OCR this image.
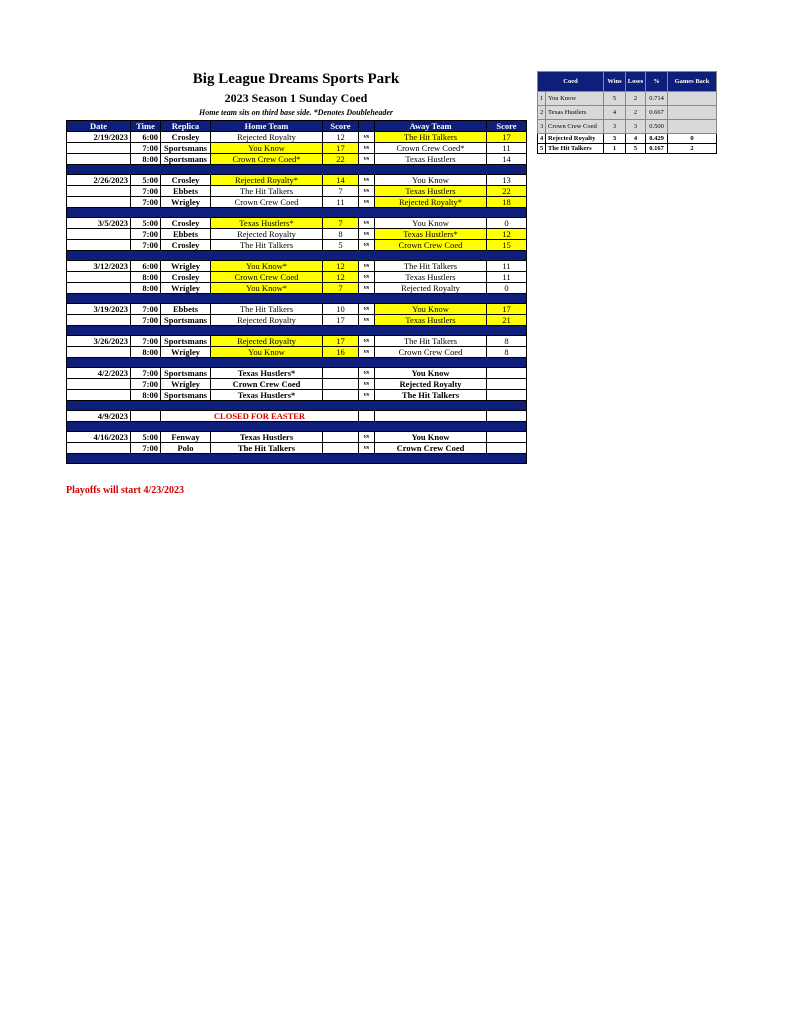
Big League Dreams Sports Park
2023 Season 1 Sunday Coed
Home team sits on third base side. *Denotes Doubleheader
Date	Time	Replica	Home Team	Score		Away Team	Score
2/19/2023	6:00	Crosley	Rejected Royalty	12	vs	The Hit Talkers	17
	7:00	Sportsmans	You Know	17	vs	Crown Crew Coed*	11
	8:00	Sportsmans	Crown Crew Coed*	22	vs	Texas Hustlers	14

2/26/2023	5:00	Crosley	Rejected Royalty*	14	vs	You Know	13
	7:00	Ebbets	The Hit Talkers	7	vs	Texas Hustlers	22
	7:00	Wrigley	Crown Crew Coed	11	vs	Rejected Royalty*	18

3/5/2023	5:00	Crosley	Texas Hustlers*	7	vs	You Know	0
	7:00	Ebbets	Rejected Royalty	8	vs	Texas Hustlers*	12
	7:00	Crosley	The Hit Talkers	5	vs	Crown Crew Coed	15

3/12/2023	6:00	Wrigley	You Know*	12	vs	The Hit Talkers	11
	8:00	Crosley	Crown Crew Coed	12	vs	Texas Hustlers	11
	8:00	Wrigley	You Know*	7	vs	Rejected Royalty	0

3/19/2023	7:00	Ebbets	The Hit Talkers	10	vs	You Know	17
	7:00	Sportsmans	Rejected Royalty	17	vs	Texas Hustlers	21

3/26/2023	7:00	Sportsmans	Rejected Royalty	17	vs	The Hit Talkers	8
	8:00	Wrigley	You Know	16	vs	Crown Crew Coed	8

4/2/2023	7:00	Sportsmans	Texas Hustlers*		vs	You Know	
	7:00	Wrigley	Crown Crew Coed		vs	Rejected Royalty	
	8:00	Sportsmans	Texas Hustlers*		vs	The Hit Talkers	

4/9/2023		CLOSED FOR EASTER					

4/16/2023	5:00	Fenway	Texas Hustlers		vs	You Know	
	7:00	Polo	The Hit Talkers		vs	Crown Crew Coed	

Playoffs will start 4/23/2023
Coed		Wins	Loses	%	Games Back
1	You Know	5	2	0.714	
2	Texas Hustlers	4	2	0.667	
3	Crown Crew Coed	3	3	0.500	
4	Rejected Royalty	3	4	0.429	0
5	The Hit Talkers	1	5	0.167	2
